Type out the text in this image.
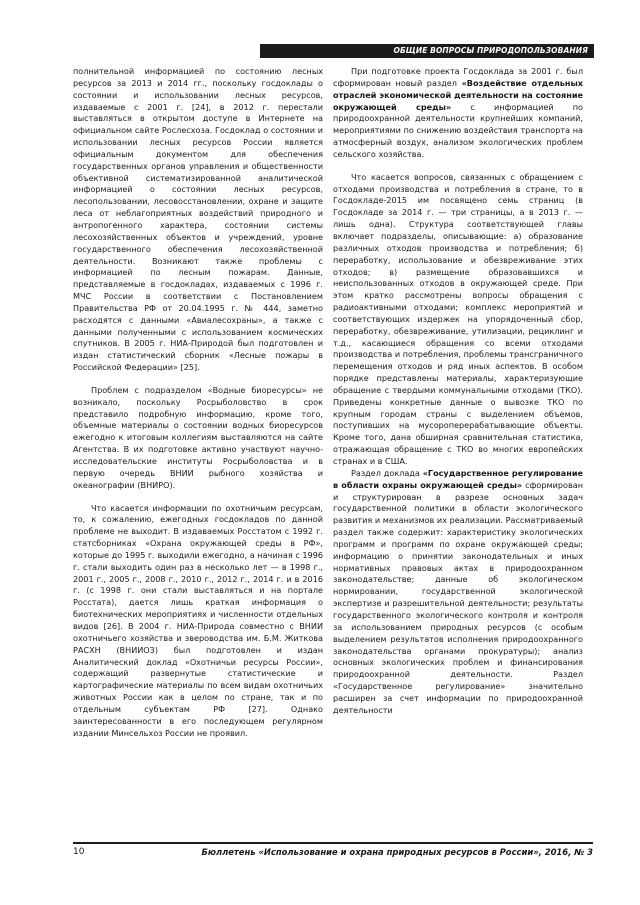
ОБЩИЕ ВОПРОСЫ ПРИРОДОПОЛЬЗОВАНИЯ

полнительной информацией по состоянию лесных ресурсов за 2013 и 2014 гг., поскольку госдоклады о состоянии и использовании лесных ресурсов, издаваемые с 2001 г. [24], в 2012 г. перестали выставляться в открытом доступе в Интернете на официальном сайте Рослесхоза. Госдоклад о состоянии и использовании лесных ресурсов России является официальным документом для обеспечения государственных органов управления и общественности объективной систематизированной аналитической информацией о состоянии лесных ресурсов, лесопользовании, лесовосстановлении, охране и защите леса от неблагоприятных воздействий природного и антропогенного характера, состоянии системы лесохозяйственных объектов и учреждений, уровне государственного обеспечения лесохозяйственной деятельности. Возникают также проблемы с информацией по лесным пожарам. Данные, представляемые в госдокладах, издаваемых с 1996 г. МЧС России в соответствии с Постановлением Правительства РФ от 20.04.1995 г. № 444, заметно расходятся с данными «Авиалесохраны», а также с данными полученными с использованием космических спутников. В 2005 г. НИА-Природой был подготовлен и издан статистический сборник «Лесные пожары в Российской Федерации» [25].

Проблем с подразделом «Водные биоресурсы» не возникало, поскольку Росрыболовство в срок представило подробную информацию, кроме того, объемные материалы о состоянии водных биоресурсов ежегодно к итоговым коллегиям выставляются на сайте Агентства. В их подготовке активно участвуют научно-исследовательские институты Росрыболовства и в первую очередь ВНИИ рыбного хозяйства и океанографии (ВНИРО).

Что касается информации по охотничьим ресурсам, то, к сожалению, ежегодных госдокладов по данной проблеме не выходит. В издаваемых Росстатом с 1992 г. статсборниках «Охрана окружающей среды в РФ», которые до 1995 г. выходили ежегодно, а начиная с 1996 г. стали выходить один раз в несколько лет — в 1998 г., 2001 г., 2005 г., 2008 г., 2010 г., 2012 г., 2014 г. и в 2016 г. (с 1998 г. они стали выставляться и на портале Росстата), дается лишь краткая информация о биотехнических мероприятиях и численности отдельных видов [26]. В 2004 г. НИА-Природа совместно с ВНИИ охотничьего хозяйства и звероводства им. Б.М. Житкова РАСХН (ВНИИОЗ) был подготовлен и издан Аналитический доклад «Охотничьи ресурсы России», содержащий развернутые статистические и картографические материалы по всем видам охотничьих животных России как в целом по стране, так и по отдельным субъектам РФ [27]. Однако заинтересованности в его последующем регулярном издании Минсельхоз России не проявил.

При подготовке проекта Госдоклада за 2001 г. был сформирован новый раздел «Воздействие отдельных отраслей экономической деятельности на состояние окружающей среды» с информацией по природоохранной деятельности крупнейших компаний, мероприятиями по снижению воздействия транспорта на атмосферный воздух, анализом экологических проблем сельского хозяйства.

Что касается вопросов, связанных с обращением с отходами производства и потребления в стране, то в Госдокладе-2015 им посвящено семь страниц (в Госдокладе за 2014 г. — три страницы, а в 2013 г. — лишь одна). Структура соответствующей главы включает подразделы, описывающие: а) образование различных отходов производства и потребления; б) переработку, использование и обезвреживание этих отходов; в) размещение образовавшихся и неиспользованных отходов в окружающей среде. При этом кратко рассмотрены вопросы обращения с радиоактивными отходами; комплекс мероприятий и соответствующих издержек на упорядоченный сбор, переработку, обезвреживание, утилизации, рециклинг и т.д., касающиеся обращения со всеми отходами производства и потребления, проблемы трансграничного перемещения отходов и ряд иных аспектов. В особом порядке представлены материалы, характеризующие обращение с твердыми коммунальными отходами (ТКО). Приведены конкретные данные о вывозке ТКО по крупным городам страны с выделением объемов, поступивших на мусороперерабатывающие объекты. Кроме того, дана обширная сравнительная статистика, отражающая обращение с ТКО во многих европейских странах и в США.

Раздел доклада «Государственное регулирование в области охраны окружающей среды» сформирован и структурирован в разрезе основных задач государственной политики в области экологического развития и механизмов их реализации. Рассматриваемый раздел также содержит: характеристику экологических программ и программ по охране окружающей среды; информацию о принятии законодательных и иных нормативных правовых актах в природоохранном законодательстве; данные об экологическом нормировании, государственной экологической экспертизе и разрешительной деятельности; результаты государственного экологического контроля и контроля за использованием природных ресурсов (с особым выделением результатов исполнения природоохранного законодательства органами прокуратуры); анализ основных экологических проблем и финансирования природоохранной деятельности. Раздел «Государственное регулирование» значительно расширен за счет информации по природоохранной деятельности

10	Бюллетень «Использование и охрана природных ресурсов в России», 2016, № 3
